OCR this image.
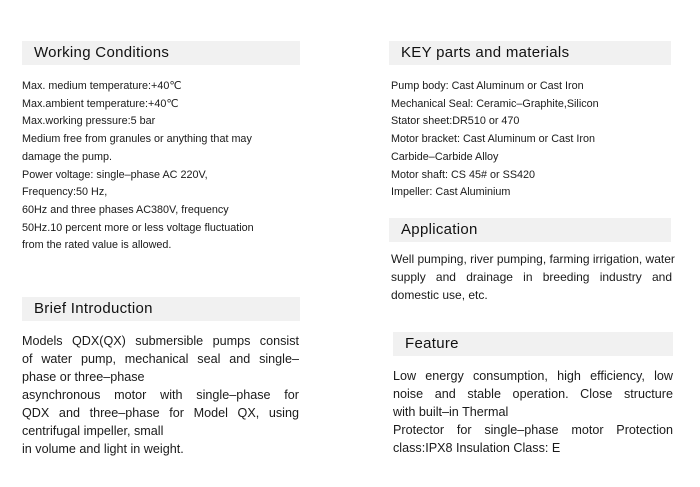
Working Conditions
Max. medium temperature:+40℃
Max.ambient temperature:+40℃
Max.working pressure:5 bar
Medium free from granules or anything that may
damage the pump.
Power voltage: single–phase AC 220V,
Frequency:50 Hz,
60Hz and three phases AC380V, frequency
50Hz.10 percent more or less voltage fluctuation
from the rated value is allowed.
KEY parts and materials
Pump body: Cast Aluminum or Cast Iron
Mechanical Seal: Ceramic–Graphite,Silicon
Stator sheet:DR510 or 470
Motor bracket: Cast Aluminum or Cast Iron
Carbide–Carbide Alloy
Motor shaft: CS 45# or SS420
Impeller: Cast Aluminium
Application
Well pumping, river pumping, farming irrigation, water
supply and drainage in breeding industry and
domestic use, etc.
Brief Introduction
Models QDX(QX) submersible pumps consist
of water pump, mechanical seal and single–
phase or three–phase
asynchronous motor with single–phase for
QDX and three–phase for Model QX, using
centrifugal impeller, small
in volume and light in weight.
Feature
Low energy consumption, high efficiency, low
noise and stable operation. Close structure
with built–in Thermal
Protector for single–phase motor Protection
class:IPX8 Insulation Class: E
